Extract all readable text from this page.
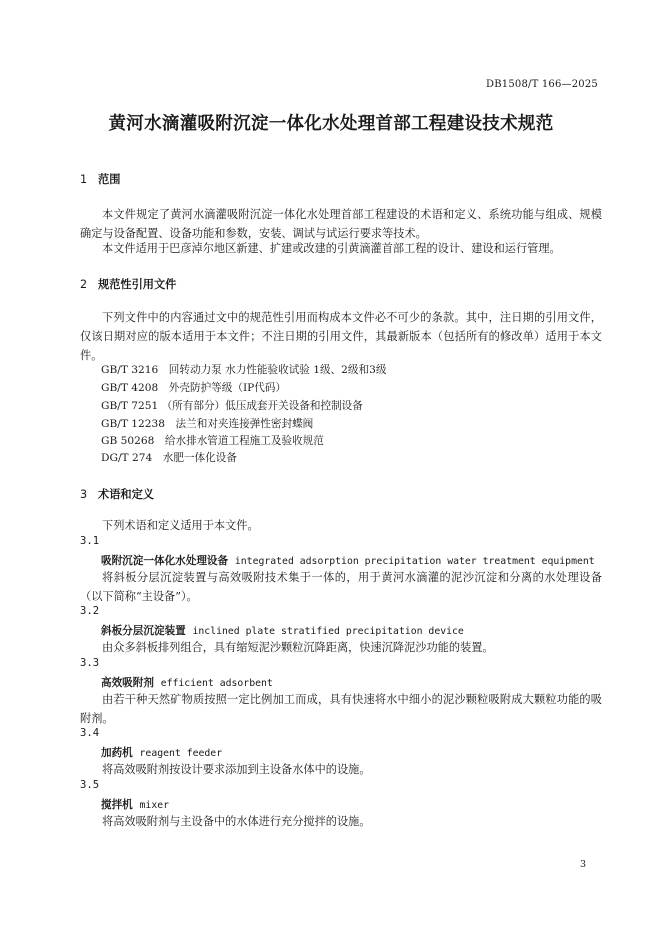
DB1508/T 166—2025
黄河水滴灌吸附沉淀一体化水处理首部工程建设技术规范
1 范围
本文件规定了黄河水滴灌吸附沉淀一体化水处理首部工程建设的术语和定义、系统功能与组成、规模确定与设备配置、设备功能和参数，安装、调试与试运行要求等技术。
本文件适用于巴彦淖尔地区新建、扩建或改建的引黄滴灌首部工程的设计、建设和运行管理。
2 规范性引用文件
下列文件中的内容通过文中的规范性引用而构成本文件必不可少的条款。其中，注日期的引用文件，仅该日期对应的版本适用于本文件；不注日期的引用文件，其最新版本（包括所有的修改单）适用于本文件。
GB/T 3216　回转动力泵 水力性能验收试验 1级、2级和3级
GB/T 4208　外壳防护等级（IP代码）
GB/T 7251 （所有部分）低压成套开关设备和控制设备
GB/T 12238　法兰和对夹连接弹性密封蝶阀
GB 50268　给水排水管道工程施工及验收规范
DG/T 274　水肥一体化设备
3 术语和定义
下列术语和定义适用于本文件。
3.1
吸附沉淀一体化水处理设备 integrated adsorption precipitation water treatment equipment
将斜板分层沉淀装置与高效吸附技术集于一体的，用于黄河水滴灌的泥沙沉淀和分离的水处理设备（以下简称“主设备”）。
3.2
斜板分层沉淀装置 inclined plate stratified precipitation device
由众多斜板排列组合，具有缩短泥沙颗粒沉降距离，快速沉降泥沙功能的装置。
3.3
高效吸附剂 efficient adsorbent
由若干种天然矿物质按照一定比例加工而成，具有快速将水中细小的泥沙颗粒吸附成大颗粒功能的吸附剂。
3.4
加药机 reagent feeder
将高效吸附剂按设计要求添加到主设备水体中的设施。
3.5
搅拌机 mixer
将高效吸附剂与主设备中的水体进行充分搅拌的设施。
3
